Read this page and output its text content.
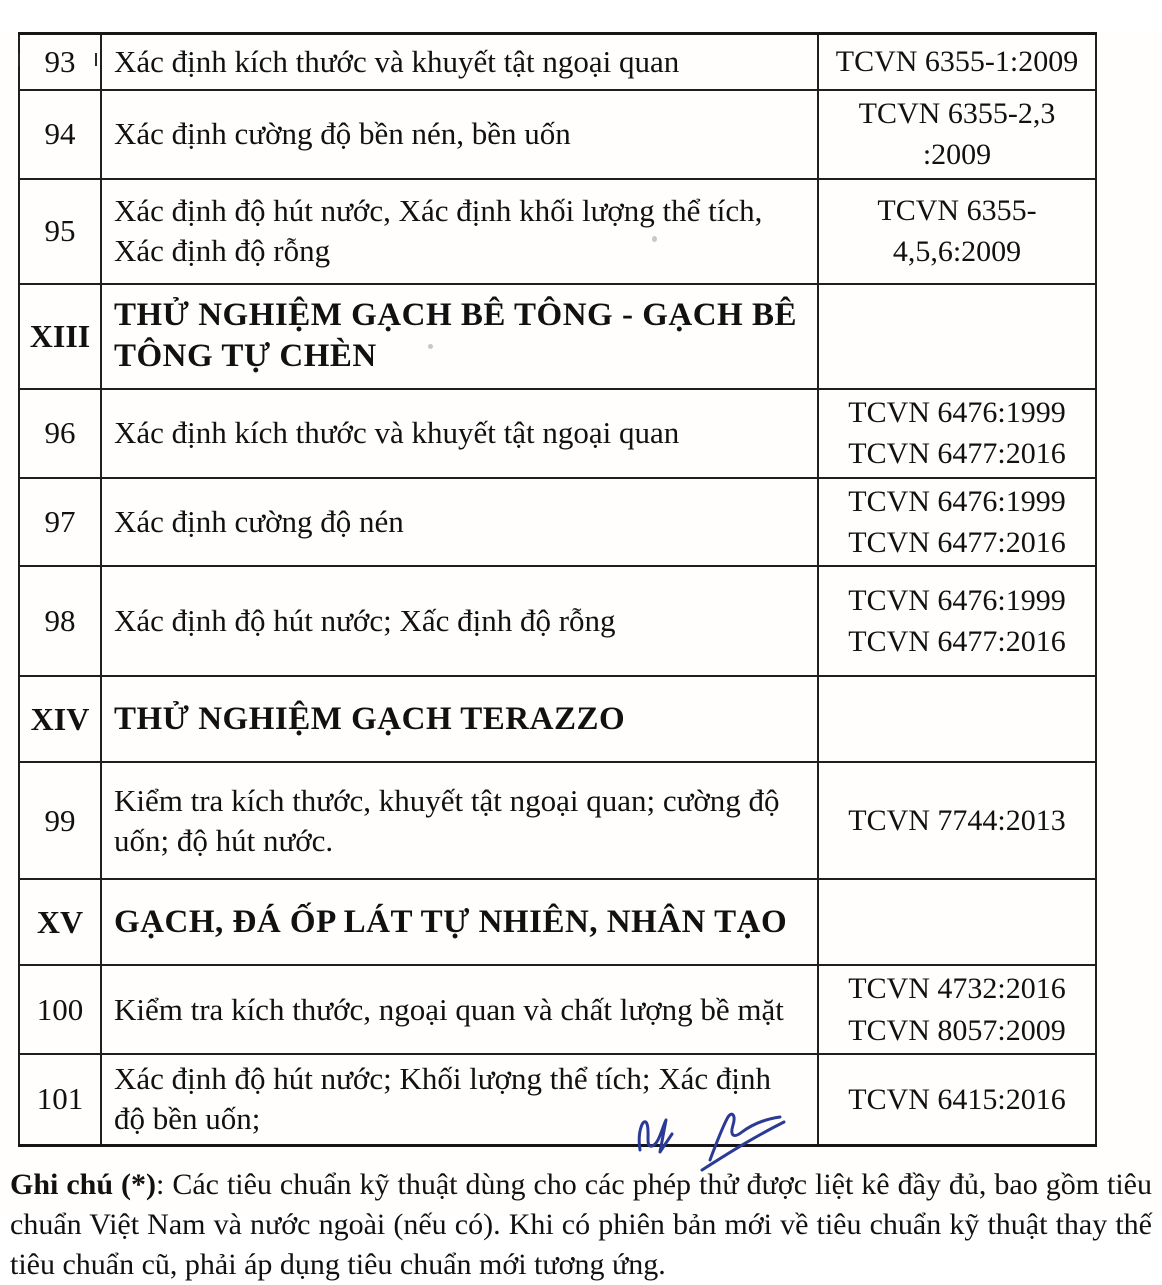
93	Xác định kích thước và khuyết tật ngoại quan	TCVN 6355-1:2009

94	Xác định cường độ bền nén, bền uốn	TCVN 6355-2,3
:2009

95	Xác định độ hút nước, Xác định khối lượng thể tích, Xác định độ rỗng	TCVN 6355-
4,5,6:2009

XIII	THỬ NGHIỆM GẠCH BÊ TÔNG - GẠCH BÊ TÔNG TỰ CHÈN	
96	Xác định kích thước và khuyết tật ngoại quan	TCVN 6476:1999
TCVN 6477:2016

97	Xác định cường độ nén	TCVN 6476:1999
TCVN 6477:2016

98	Xác định độ hút nước; Xấc định độ rỗng	TCVN 6476:1999
TCVN 6477:2016

XIV	THỬ NGHIỆM GẠCH TERAZZO	
99	Kiểm tra kích thước, khuyết tật ngoại quan; cường độ uốn; độ hút nước.	TCVN 7744:2013

XV	GẠCH, ĐÁ ỐP LÁT TỰ NHIÊN, NHÂN TẠO	
100	Kiểm tra kích thước, ngoại quan và chất lượng bề mặt	TCVN 4732:2016
TCVN 8057:2009

101	Xác định độ hút nước; Khối lượng thể tích; Xác định độ bền uốn;	TCVN 6415:2016

Ghi chú (*): Các tiêu chuẩn kỹ thuật dùng cho các phép thử được liệt kê đầy đủ, bao gồm tiêu chuẩn Việt Nam và nước ngoài (nếu có). Khi có phiên bản mới về tiêu chuẩn kỹ thuật thay thế tiêu chuẩn cũ, phải áp dụng tiêu chuẩn mới tương ứng.
